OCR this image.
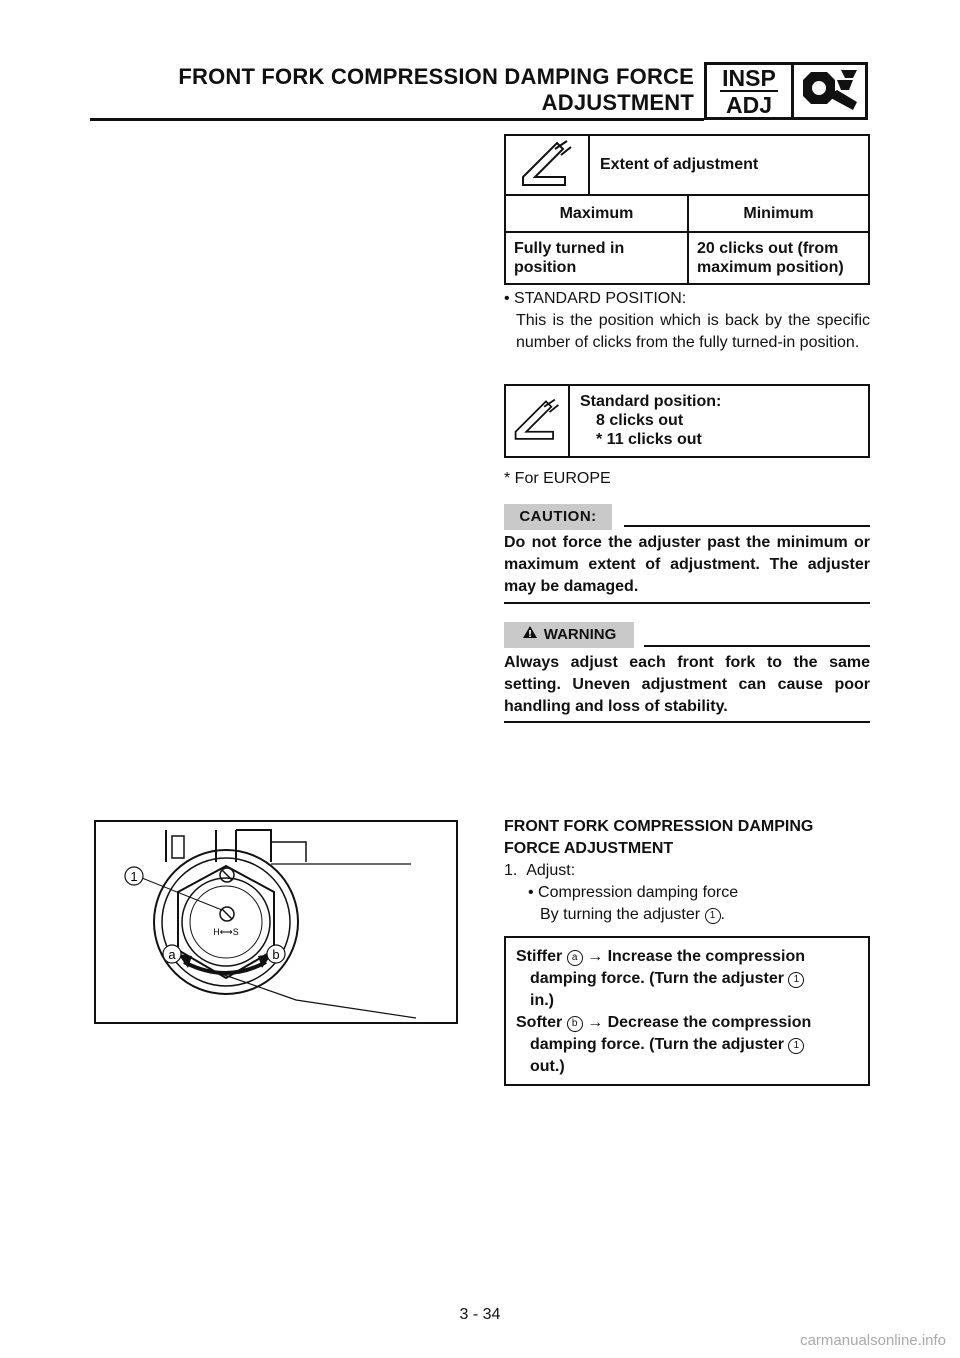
FRONT FORK COMPRESSION DAMPING FORCE
ADJUSTMENT
INSP
ADJ
Extent of adjustment
Maximum	Minimum
Fully turned in position
20 clicks out (from maximum position)
• STANDARD POSITION:
This is the position which is back by the specific number of clicks from the fully turned-in position.
Standard position:
8 clicks out
* 11 clicks out
* For EUROPE
CAUTION:
Do not force the adjuster past the minimum or maximum extent of adjustment. The adjuster may be damaged.
WARNING
Always adjust each front fork to the same setting. Uneven adjustment can cause poor handling and loss of stability.
1
a	b
H⟷S
FRONT FORK COMPRESSION DAMPING
FORCE ADJUSTMENT
1. Adjust:
• Compression damping force
By turning the adjuster 1 .
Stiffer a → Increase the compression
damping force. (Turn the adjuster 1
in.)
Softer b → Decrease the compression
damping force. (Turn the adjuster 1
out.)
3 - 34
carmanualsonline.info
